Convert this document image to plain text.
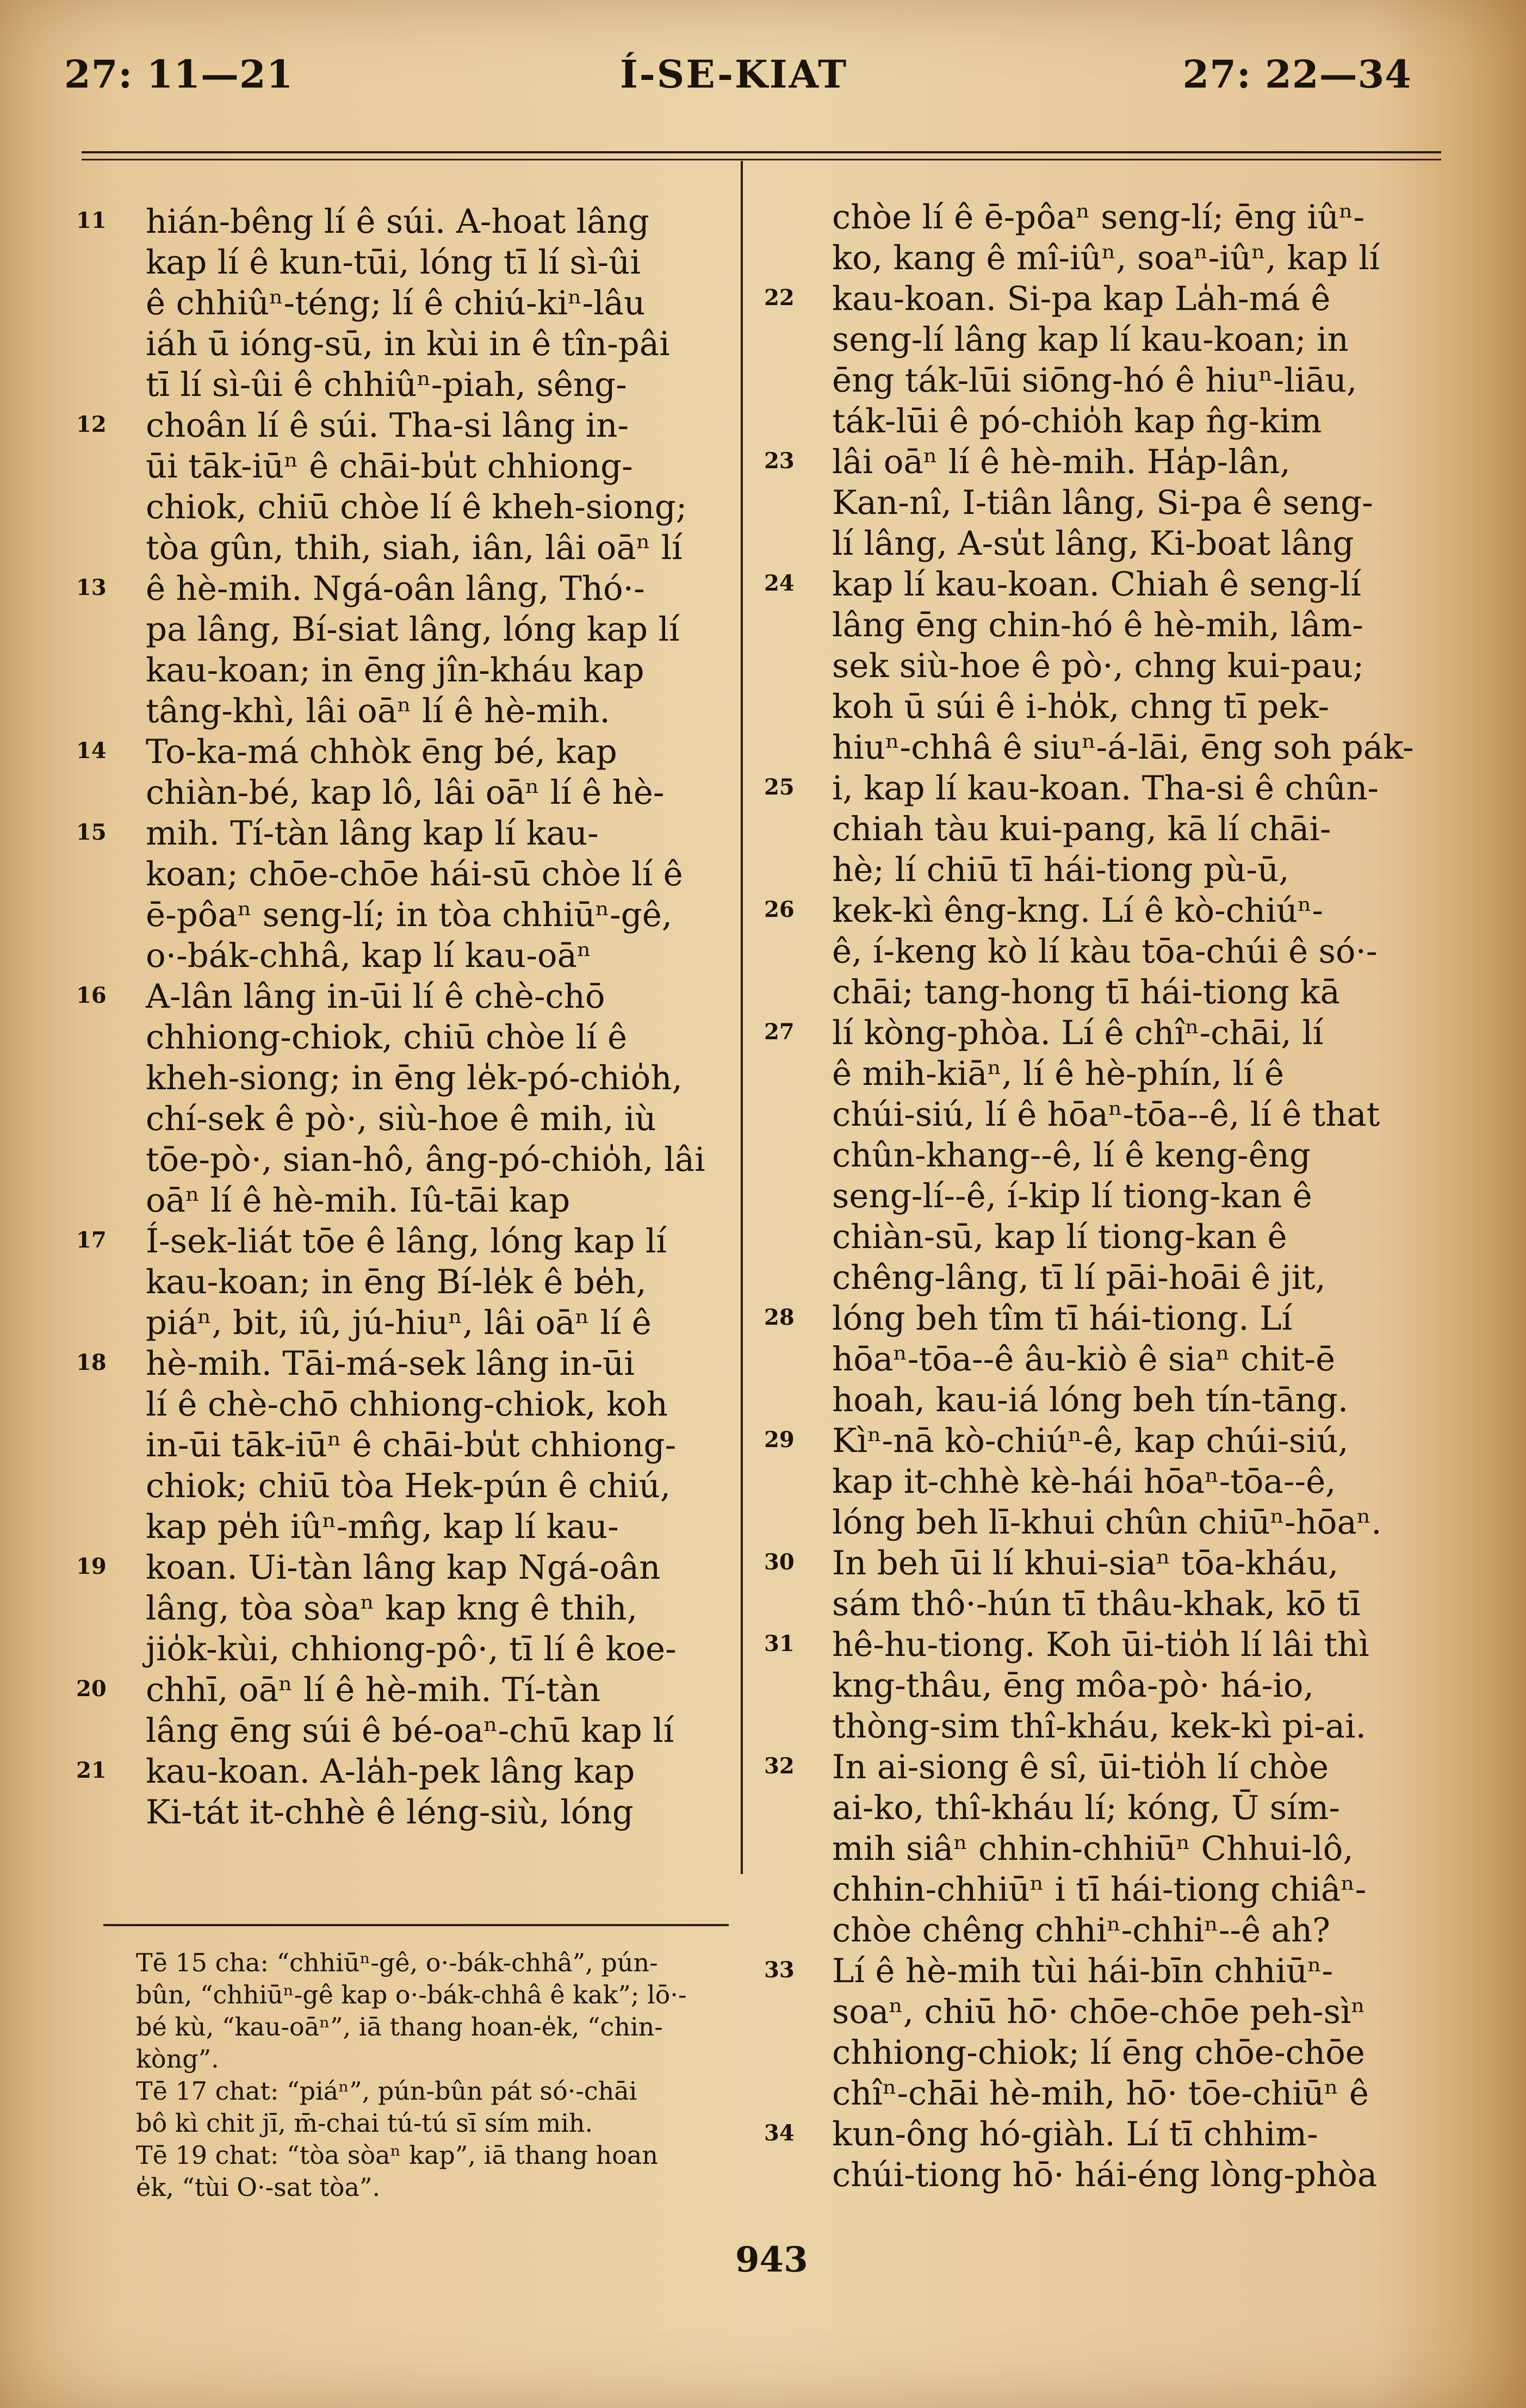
27: 11—21	Í-SE-KIAT	27: 22—34
11
12
13
14
15
16
17
18
19
20
21
22
23
24
25
26
27
28
29
30
31
32
33
34
hián-bêng lí ê súi. A-hoat lâng
kap lí ê kun-tūi, lóng tī lí sì-ûi
ê chhiûⁿ-téng; lí ê chiú-kiⁿ-lâu
iáh ū ióng-sū, in kùi in ê tîn-pâi
tī lí sì-ûi ê chhiûⁿ-piah, sêng-
choân lí ê súi. Tha-si lâng in-
ūi tāk-iūⁿ ê chāi-bu̍t chhiong-
chiok, chiū chòe lí ê kheh-siong;
tòa gûn, thih, siah, iân, lâi oāⁿ lí
ê hè-mih. Ngá-oân lâng, Thó·-
pa lâng, Bí-siat lâng, lóng kap lí
kau-koan; in ēng jîn-kháu kap
tâng-khì, lâi oāⁿ lí ê hè-mih.
To-ka-má chhòk ēng bé, kap
chiàn-bé, kap lô, lâi oāⁿ lí ê hè-
mih. Tí-tàn lâng kap lí kau-
koan; chōe-chōe hái-sū chòe lí ê
ē-pôaⁿ seng-lí; in tòa chhiūⁿ-gê,
o·-bák-chhâ, kap lí kau-oāⁿ
A-lân lâng in-ūi lí ê chè-chō
chhiong-chiok, chiū chòe lí ê
kheh-siong; in ēng le̍k-pó-chio̍h,
chí-sek ê pò·, siù-hoe ê mih, iù
tōe-pò·, sian-hô, âng-pó-chio̍h, lâi
oāⁿ lí ê hè-mih. Iû-tāi kap
Í-sek-liát tōe ê lâng, lóng kap lí
kau-koan; in ēng Bí-le̍k ê be̍h,
piáⁿ, bit, iû, jú-hiuⁿ, lâi oāⁿ lí ê
hè-mih. Tāi-má-sek lâng in-ūi
lí ê chè-chō chhiong-chiok, koh
in-ūi tāk-iūⁿ ê chāi-bu̍t chhiong-
chiok; chiū tòa Hek-pún ê chiú,
kap pe̍h iûⁿ-mn̂g, kap lí kau-
koan. Ui-tàn lâng kap Ngá-oân
lâng, tòa sòaⁿ kap kng ê thih,
jio̍k-kùi, chhiong-pô·, tī lí ê koe-
chhī, oāⁿ lí ê hè-mih. Tí-tàn
lâng ēng súi ê bé-oaⁿ-chū kap lí
kau-koan. A-la̍h-pek lâng kap
Ki-tát it-chhè ê léng-siù, lóng
chòe lí ê ē-pôaⁿ seng-lí; ēng iûⁿ-
ko, kang ê mî-iûⁿ, soaⁿ-iûⁿ, kap lí
kau-koan. Si-pa kap La̍h-má ê
seng-lí lâng kap lí kau-koan; in
ēng ták-lūi siōng-hó ê hiuⁿ-liāu,
ták-lūi ê pó-chio̍h kap n̂g-kim
lâi oāⁿ lí ê hè-mih. Ha̍p-lân,
Kan-nî, I-tiân lâng, Si-pa ê seng-
lí lâng, A-su̍t lâng, Ki-boat lâng
kap lí kau-koan. Chiah ê seng-lí
lâng ēng chin-hó ê hè-mih, lâm-
sek siù-hoe ê pò·, chng kui-pau;
koh ū súi ê i-ho̍k, chng tī pek-
hiuⁿ-chhâ ê siuⁿ-á-lāi, ēng soh pák-
i, kap lí kau-koan. Tha-si ê chûn-
chiah tàu kui-pang, kā lí chāi-
hè; lí chiū tī hái-tiong pù-ū,
kek-kì êng-kng. Lí ê kò-chiúⁿ-
ê, í-keng kò lí kàu tōa-chúi ê só·-
chāi; tang-hong tī hái-tiong kā
lí kòng-phòa. Lí ê chîⁿ-chāi, lí
ê mih-kiāⁿ, lí ê hè-phín, lí ê
chúi-siú, lí ê hōaⁿ-tōa--ê, lí ê that
chûn-khang--ê, lí ê keng-êng
seng-lí--ê, í-kip lí tiong-kan ê
chiàn-sū, kap lí tiong-kan ê
chêng-lâng, tī lí pāi-hoāi ê jit,
lóng beh tîm tī hái-tiong. Lí
hōaⁿ-tōa--ê âu-kiò ê siaⁿ chit-ē
hoah, kau-iá lóng beh tín-tāng.
Kìⁿ-nā kò-chiúⁿ-ê, kap chúi-siú,
kap it-chhè kè-hái hōaⁿ-tōa--ê,
lóng beh lī-khui chûn chiūⁿ-hōaⁿ.
In beh ūi lí khui-siaⁿ tōa-kháu,
sám thô·-hún tī thâu-khak, kō tī
hê-hu-tiong. Koh ūi-tio̍h lí lâi thì
kng-thâu, ēng môa-pò· há-io,
thòng-sim thî-kháu, kek-kì pi-ai.
In ai-siong ê sî, ūi-tio̍h lí chòe
ai-ko, thî-kháu lí; kóng, Ū sím-
mih siâⁿ chhin-chhiūⁿ Chhui-lô,
chhin-chhiūⁿ i tī hái-tiong chiâⁿ-
chòe chêng chhiⁿ-chhiⁿ--ê ah?
Lí ê hè-mih tùi hái-bīn chhiūⁿ-
soaⁿ, chiū hō· chōe-chōe peh-sìⁿ
chhiong-chiok; lí ēng chōe-chōe
chîⁿ-chāi hè-mih, hō· tōe-chiūⁿ ê
kun-ông hó-giàh. Lí tī chhim-
chúi-tiong hō· hái-éng lòng-phòa
Tē 15 cha: “chhiūⁿ-gê, o·-bák-chhâ”, pún-
bûn, “chhiūⁿ-gê kap o·-bák-chhâ ê kak”; lō·-
bé kù, “kau-oāⁿ”, iā thang hoan-e̍k, “chin-
kòng”.
Tē 17 chat: “piáⁿ”, pún-bûn pát só·-chāi
bô kì chit jī, m̄-chai tú-tú sī sím mih.
Tē 19 chat: “tòa sòaⁿ kap”, iā thang hoan
e̍k, “tùi O·-sat tòa”.
943
